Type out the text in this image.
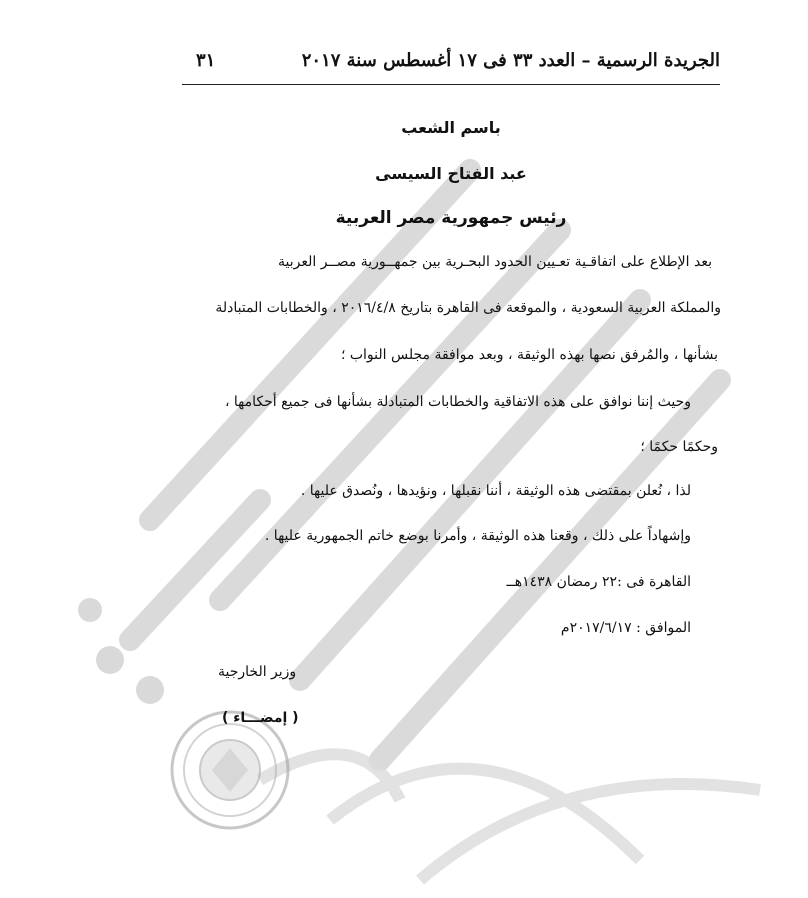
الجريدة الرسمية – العدد ٣٣ فى ١٧ أغسطس سنة ٢٠١٧
٣١
باسم الشعب
عبد الفتاح السيسى
رئيس جمهورية مصر العربية
بعد الإطلاع على اتفاقـية تعـيين الحدود البحـرية بين جمهــورية مصــر العربية
والمملكة العربية السعودية ، والموقعة فى القاهرة بتاريخ ٢٠١٦/٤/٨ ، والخطابات المتبادلة
بشأنها ، والمُرفق نصها بهذه الوثيقة ، وبعد موافقة مجلس النواب ؛
وحيث إننا نوافق على هذه الاتفاقية والخطابات المتبادلة بشأنها فى جميع أحكامها ،
وحكمًا حكمًا ؛
لذا ، نُعلن بمقتضى هذه الوثيقة ، أننا نقبلها ، ونؤيدها ، ونُصدق عليها .
وإشهاداً على ذلك ، وقعنا هذه الوثيقة ، وأمرنا بوضع خاتم الجمهورية عليها .
القاهرة فى :٢٢ رمضان ١٤٣٨هــ
الموافق : ٢٠١٧/٦/١٧م
وزير الخارجية
( إمضـــاء )
